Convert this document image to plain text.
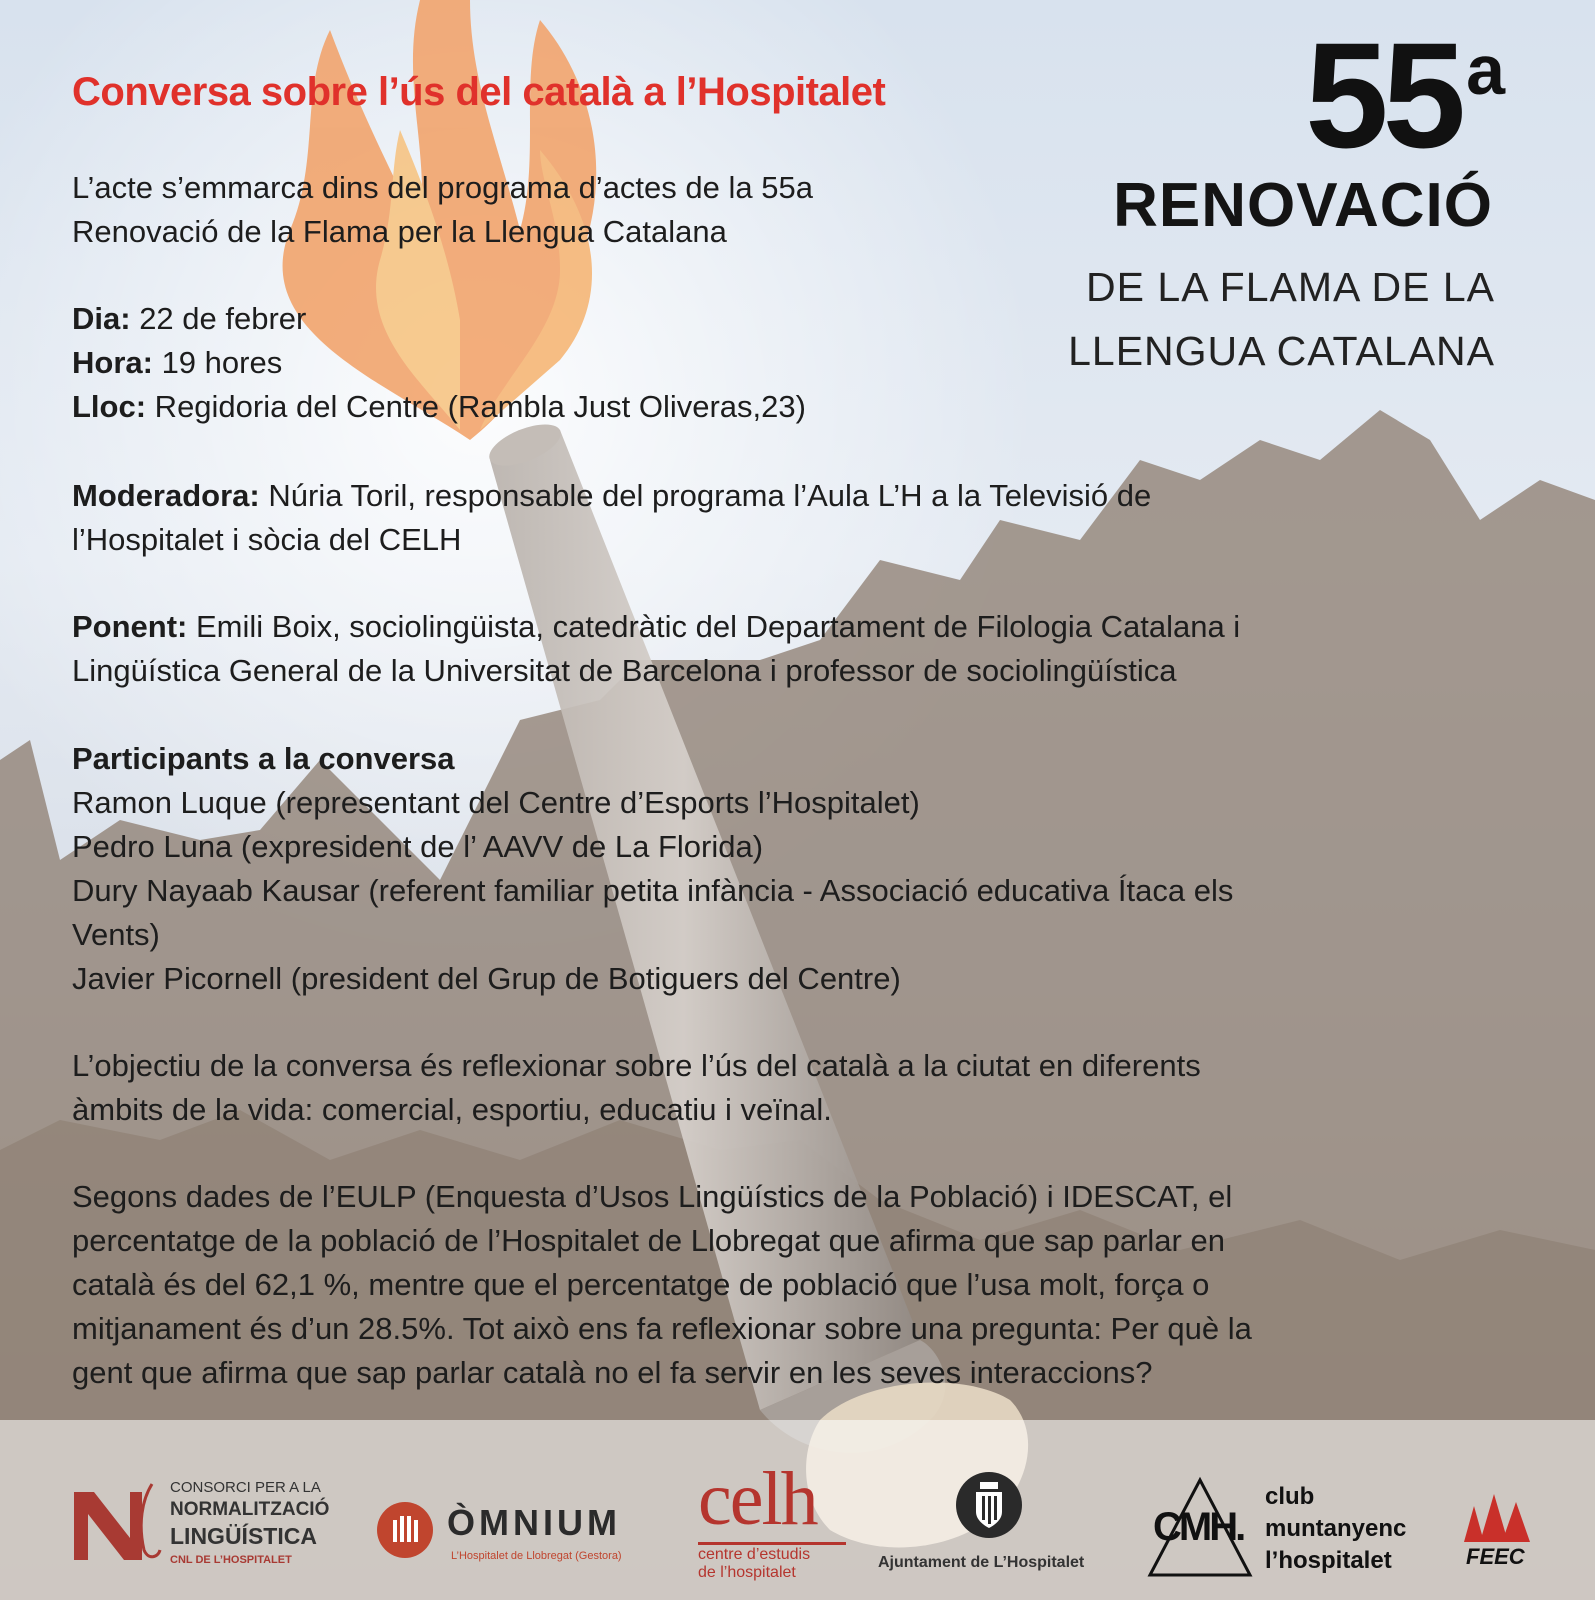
55a
RENOVACIÓ
DE LA FLAMA DE LA
LLENGUA CATALANA
Conversa sobre l’ús del català a l’Hospitalet
L’acte s’emmarca dins del programa d’actes de la 55a
Renovació de la Flama per la Llengua Catalana
Dia: 22 de febrer
Hora: 19 hores
Lloc: Regidoria del Centre (Rambla Just Oliveras,23)
Moderadora: Núria Toril, responsable del programa l’Aula L’H a la Televisió de
l’Hospitalet i sòcia del CELH
Ponent: Emili Boix, sociolingüista, catedràtic del Departament de Filologia Catalana i
Lingüística General de la Universitat de Barcelona i professor de sociolingüística
Participants a la conversa
Ramon Luque (representant del Centre d’Esports l’Hospitalet)
Pedro Luna (expresident de l’ AAVV de La Florida)
Dury Nayaab Kausar (referent familiar petita infància - Associació educativa Ítaca els
Vents)
Javier Picornell (president del Grup de Botiguers del Centre)
L’objectiu de la conversa és reflexionar sobre l’ús del català a la ciutat en diferents
àmbits de la vida: comercial, esportiu, educatiu i veïnal.
Segons dades de l’EULP (Enquesta d’Usos Lingüístics de la Població) i IDESCAT, el
percentatge de la població de l’Hospitalet de Llobregat que afirma que sap parlar en
català és del 62,1 %, mentre que el percentatge de població que l’usa molt, força o
mitjanament és d’un 28.5%. Tot això ens fa reflexionar sobre una pregunta: Per què la
gent que afirma que sap parlar català no el fa servir en les seves interaccions?
CONSORCI PER A LA
NORMALITZACIÓ
LINGÜÍSTICA
CNL DE L’HOSPITALET
ÒMNIUM
L’Hospitalet de Llobregat (Gestora)
celh
centre d’estudis
de l’hospitalet
Ajuntament de L’Hospitalet
CMH.
club
muntanyenc
l’hospitalet	FEEC
